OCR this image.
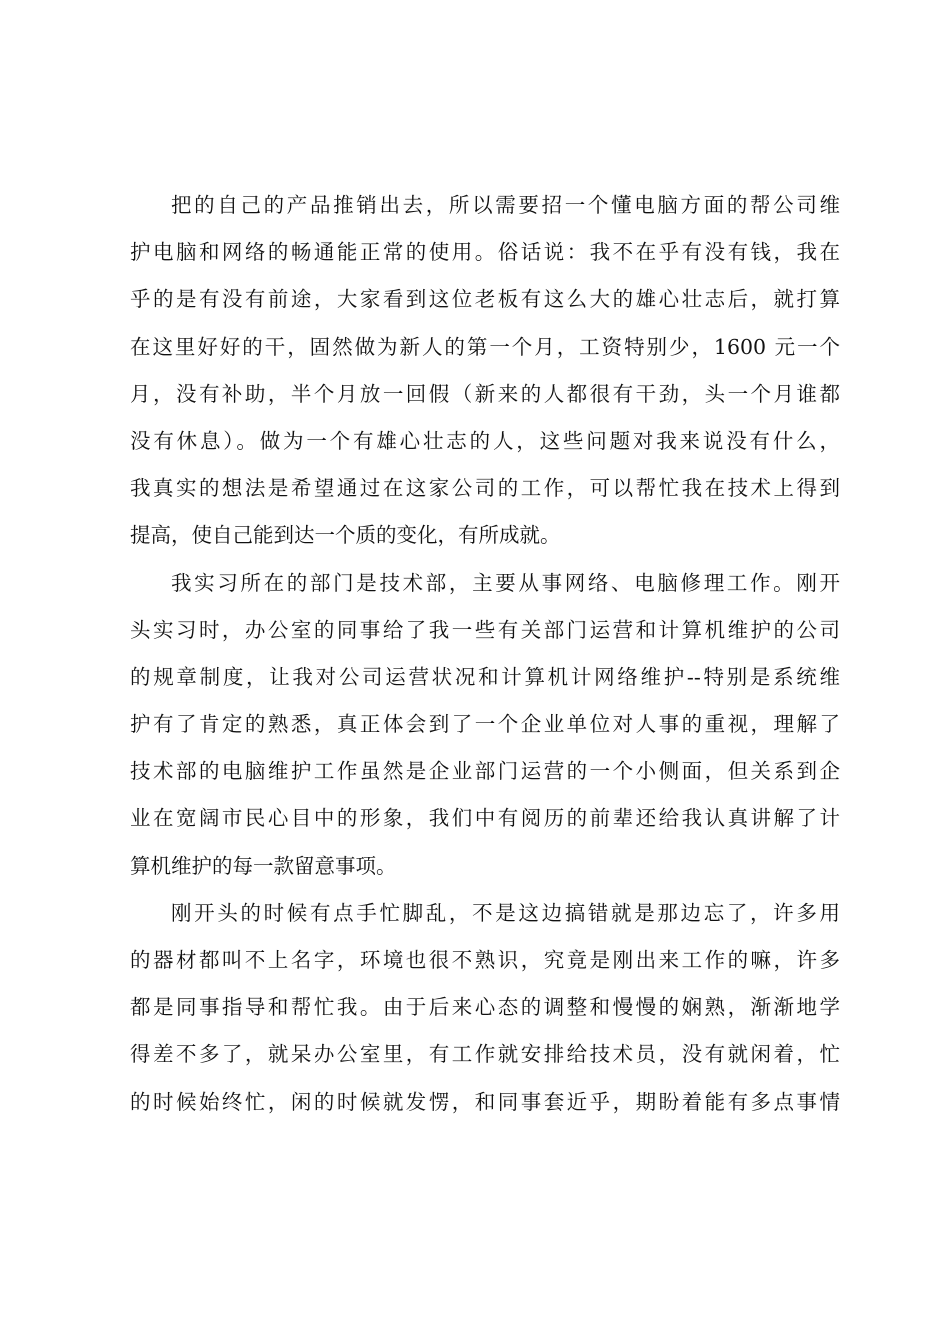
把的自己的产品推销出去，所以需要招一个懂电脑方面的帮公司维
护电脑和网络的畅通能正常的使用。俗话说：我不在乎有没有钱，我在
乎的是有没有前途，大家看到这位老板有这么大的雄心壮志后，就打算
在这里好好的干，固然做为新人的第一个月，工资特别少，1600 元一个
月，没有补助，半个月放一回假（新来的人都很有干劲，头一个月谁都
没有休息）。做为一个有雄心壮志的人，这些问题对我来说没有什么，
我真实的想法是希望通过在这家公司的工作，可以帮忙我在技术上得到
提高，使自己能到达一个质的变化，有所成就。
我实习所在的部门是技术部，主要从事网络、电脑修理工作。刚开
头实习时，办公室的同事给了我一些有关部门运营和计算机维护的公司
的规章制度，让我对公司运营状况和计算机计网络维护--特别是系统维
护有了肯定的熟悉，真正体会到了一个企业单位对人事的重视，理解了
技术部的电脑维护工作虽然是企业部门运营的一个小侧面，但关系到企
业在宽阔市民心目中的形象，我们中有阅历的前辈还给我认真讲解了计
算机维护的每一款留意事项。
刚开头的时候有点手忙脚乱，不是这边搞错就是那边忘了，许多用
的器材都叫不上名字，环境也很不熟识，究竟是刚出来工作的嘛，许多
都是同事指导和帮忙我。由于后来心态的调整和慢慢的娴熟，渐渐地学
得差不多了，就呆办公室里，有工作就安排给技术员，没有就闲着，忙
的时候始终忙，闲的时候就发愣，和同事套近乎，期盼着能有多点事情
